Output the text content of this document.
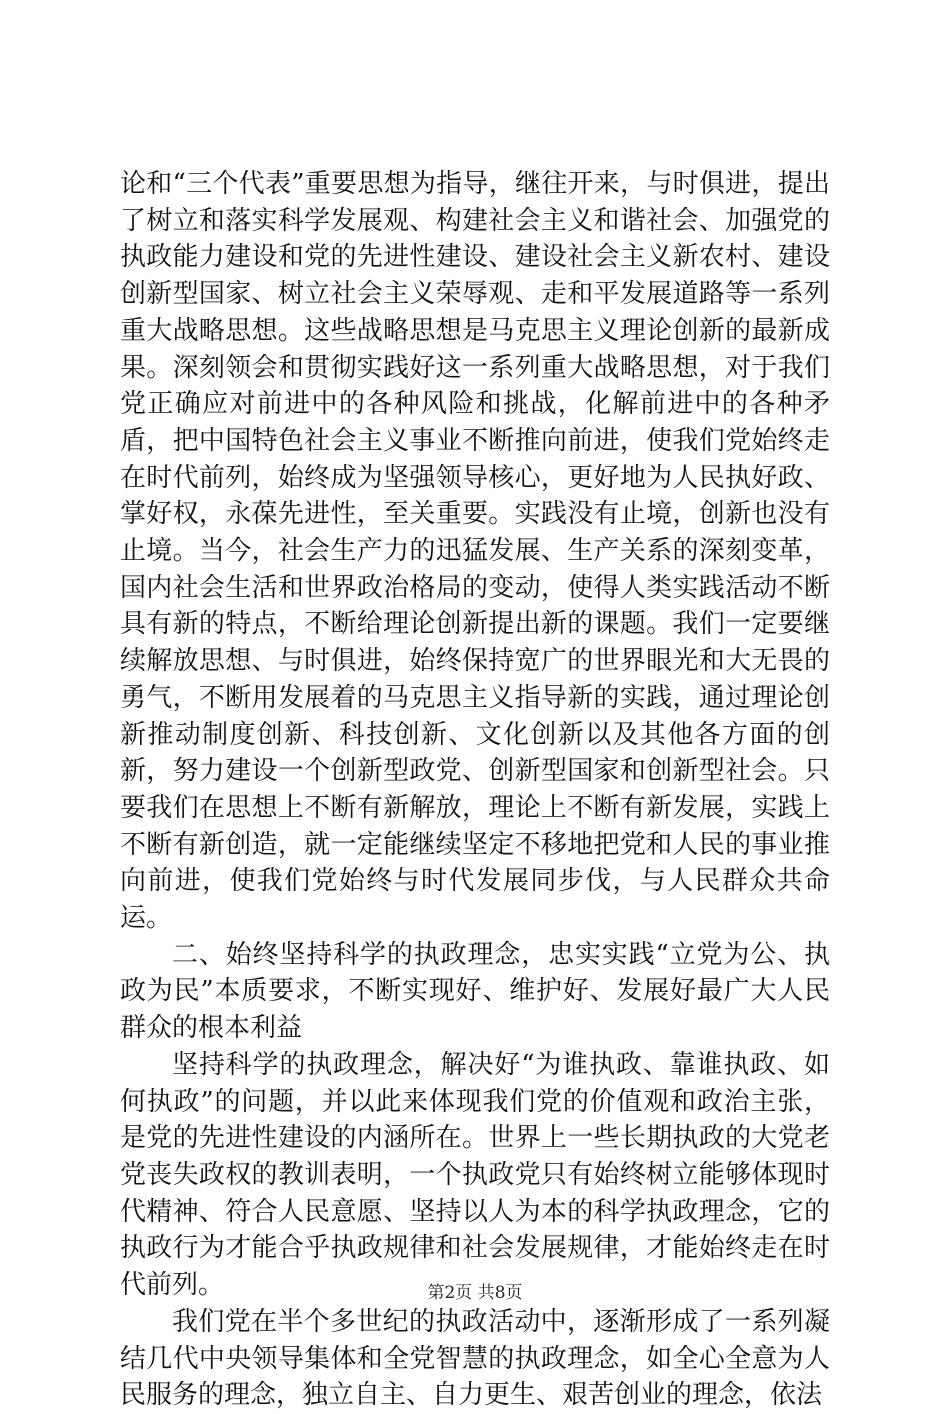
论和“三个代表”重要思想为指导，继往开来，与时俱进，提出了树立和落实科学发展观、构建社会主义和谐社会、加强党的执政能力建设和党的先进性建设、建设社会主义新农村、建设创新型国家、树立社会主义荣辱观、走和平发展道路等一系列重大战略思想。这些战略思想是马克思主义理论创新的最新成果。深刻领会和贯彻实践好这一系列重大战略思想，对于我们党正确应对前进中的各种风险和挑战，化解前进中的各种矛盾，把中国特色社会主义事业不断推向前进，使我们党始终走在时代前列，始终成为坚强领导核心，更好地为人民执好政、掌好权，永葆先进性，至关重要。实践没有止境，创新也没有止境。当今，社会生产力的迅猛发展、生产关系的深刻变革，国内社会生活和世界政治格局的变动，使得人类实践活动不断具有新的特点，不断给理论创新提出新的课题。我们一定要继续解放思想、与时俱进，始终保持宽广的世界眼光和大无畏的勇气，不断用发展着的马克思主义指导新的实践，通过理论创新推动制度创新、科技创新、文化创新以及其他各方面的创新，努力建设一个创新型政党、创新型国家和创新型社会。只要我们在思想上不断有新解放，理论上不断有新发展，实践上不断有新创造，就一定能继续坚定不移地把党和人民的事业推向前进，使我们党始终与时代发展同步伐，与人民群众共命运。

二、始终坚持科学的执政理念，忠实实践“立党为公、执政为民”本质要求，不断实现好、维护好、发展好最广大人民群众的根本利益

坚持科学的执政理念，解决好“为谁执政、靠谁执政、如何执政”的问题，并以此来体现我们党的价值观和政治主张，是党的先进性建设的内涵所在。世界上一些长期执政的大党老党丧失政权的教训表明，一个执政党只有始终树立能够体现时代精神、符合人民意愿、坚持以人为本的科学执政理念，它的执政行为才能合乎执政规律和社会发展规律，才能始终走在时代前列。

我们党在半个多世纪的执政活动中，逐渐形成了一系列凝结几代中央领导集体和全党智慧的执政理念，如全心全意为人民服务的理念，独立自主、自力更生、艰苦创业的理念，依法

第2页 共8页
